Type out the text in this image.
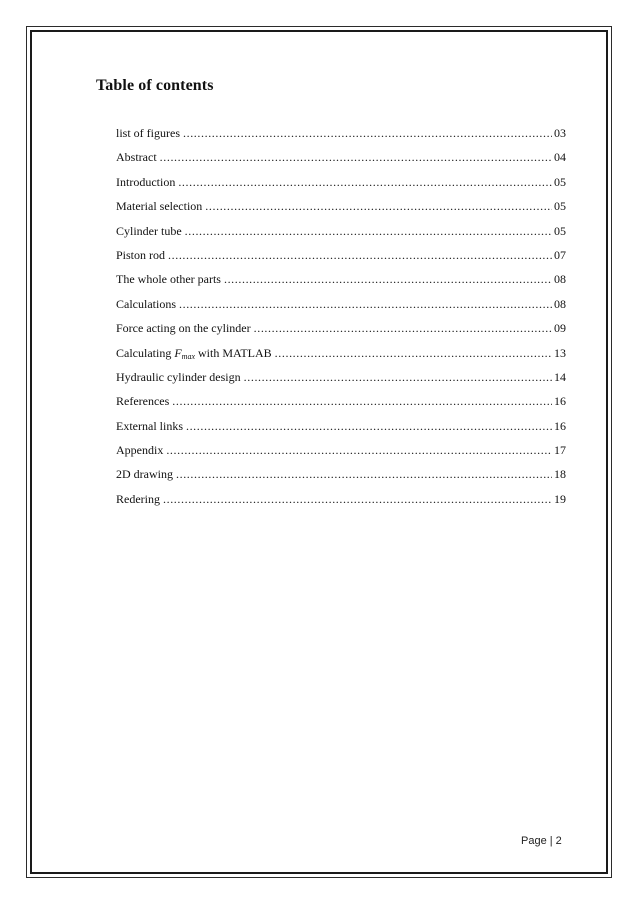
Table of contents
list of figures .....	03
Abstract .....	04
Introduction .....	05
Material selection .....	05
Cylinder tube .....	05
Piston rod .....	07
The whole other parts .....	08
Calculations .....	08
Force acting on the cylinder .....	09
Calculating $F_{max}$ with MATLAB .....	13
Hydraulic cylinder design .....	14
References .....	16
External links .....	16
Appendix .....	17
2D drawing .....	18
Redering .....	19
Page | 2
